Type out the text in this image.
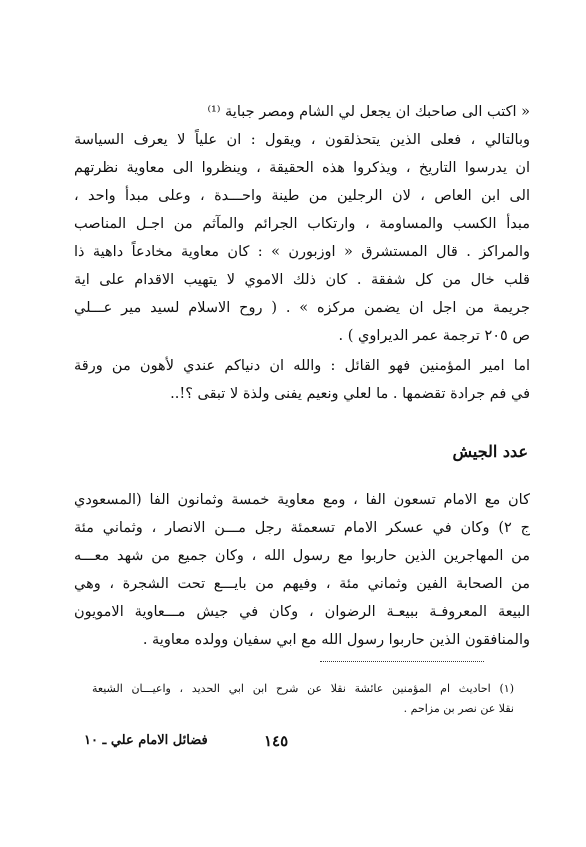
« اكتب الى صاحبك ان يجعل لي الشام ومصر جباية ⁽¹⁾
وبالتالي ، فعلى الذين يتحذلقون ، ويقول : ان علياً لا يعرف السياسة
ان يدرسوا التاريخ ، ويذكروا هذه الحقيقة ، وينظروا الى معاوية نظرتهم
الى ابن العاص ، لان الرجلين من طينة واحـــدة ، وعلى مبدأ واحد ،
مبدأ الكسب والمساومة ، وارتكاب الجرائم والمآثم من اجـل المناصب
والمراكز . قال المستشرق « اوزبورن » : كان معاوية مخادعاً داهية ذا
قلب خال من كل شفقة . كان ذلك الاموي لا يتهيب الاقدام على اية
جريمة من اجل ان يضمن مركزه » . ( روح الاسلام لسيد مير عـــلي
ص ٢٠٥ ترجمة عمر الديراوي ) .
اما امير المؤمنين فهو القائل : والله ان دنياكم عندي لأهون من ورقة
في فم جرادة تقضمها . ما لعلي ونعيم يفنى ولذة لا تبقى ؟!..
عدد الجيش
كان مع الامام تسعون الفا ، ومع معاوية خمسة وثمانون الفا (المسعودي
ج ٢) وكان في عسكر الامام تسعمئة رجل مـــن الانصار ، وثماني مئة
من المهاجرين الذين حاربوا مع رسول الله ، وكان جميع من شهد معـــه
من الصحابة الفين وثماني مئة ، وفيهم من بايـــع تحت الشجرة ، وهي
البيعة المعروفـة ببيعـة الرضوان ، وكان في جيش مـــعاوية الامويون
والمنافقون الذين حاربوا رسول الله مع ابي سفيان وولده معاوية .
(١) احاديث ام المؤمنين عائشة نقلا عن شرح ابن ابي الحديد ، واعيـــان الشيعة
نقلا عن نصر بن مزاحم .
١٤٥
فضائل الامام علي ـ ١٠
